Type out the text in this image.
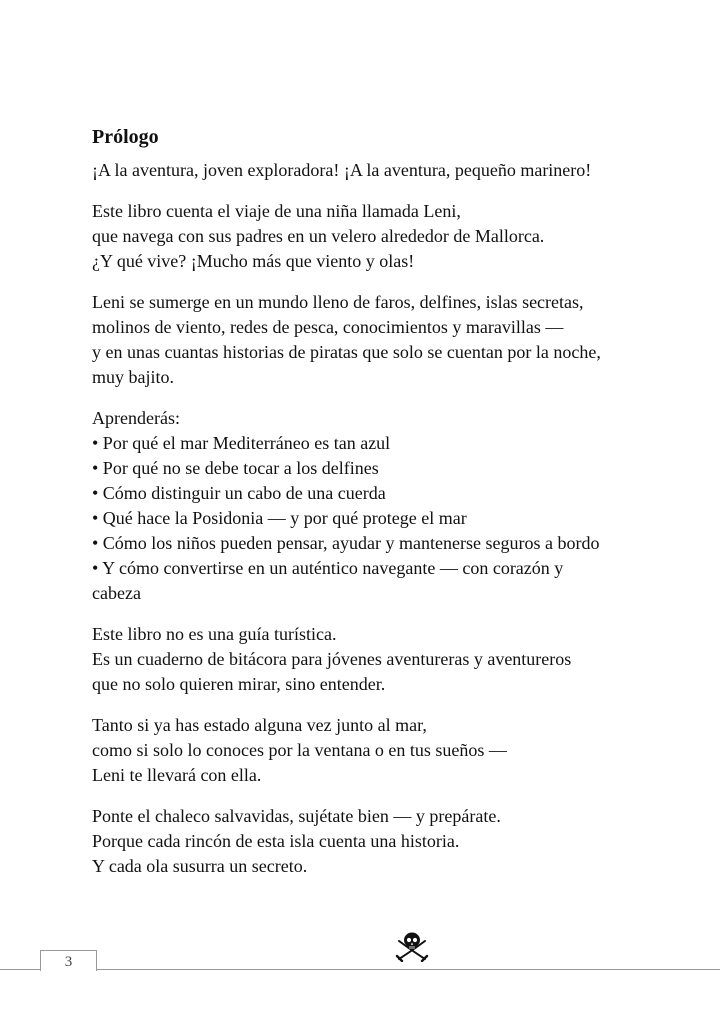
Prólogo
¡A la aventura, joven exploradora! ¡A la aventura, pequeño marinero!
Este libro cuenta el viaje de una niña llamada Leni,
que navega con sus padres en un velero alrededor de Mallorca.
¿Y qué vive? ¡Mucho más que viento y olas!
Leni se sumerge en un mundo lleno de faros, delfines, islas secretas,
molinos de viento, redes de pesca, conocimientos y maravillas —
y en unas cuantas historias de piratas que solo se cuentan por la noche,
muy bajito.
Aprenderás:
• Por qué el mar Mediterráneo es tan azul
• Por qué no se debe tocar a los delfines
• Cómo distinguir un cabo de una cuerda
• Qué hace la Posidonia — y por qué protege el mar
• Cómo los niños pueden pensar, ayudar y mantenerse seguros a bordo
• Y cómo convertirse en un auténtico navegante — con corazón y
cabeza
Este libro no es una guía turística.
Es un cuaderno de bitácora para jóvenes aventureras y aventureros
que no solo quieren mirar, sino entender.
Tanto si ya has estado alguna vez junto al mar,
como si solo lo conoces por la ventana o en tus sueños —
Leni te llevará con ella.
Ponte el chaleco salvavidas, sujétate bien — y prepárate.
Porque cada rincón de esta isla cuenta una historia.
Y cada ola susurra un secreto.
3
